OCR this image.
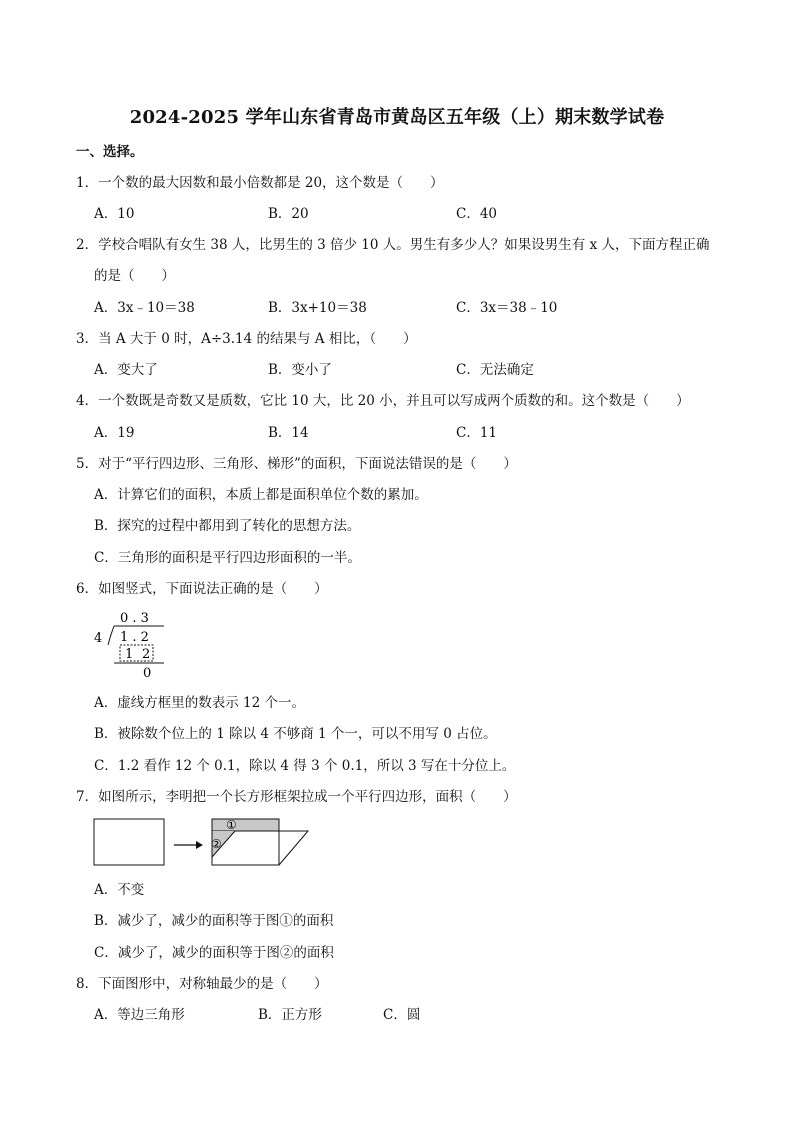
2024-2025 学年山东省青岛市黄岛区五年级（上）期末数学试卷
一、选择。
1．一个数的最大因数和最小倍数都是 20，这个数是（　　）
A．10	B．20	C．40
2．学校合唱队有女生 38 人，比男生的 3 倍少 10 人。男生有多少人？如果设男生有 x 人，下面方程正确
的是（　　）
A．3x﹣10＝38	B．3x+10＝38	C．3x＝38﹣10
3．当 A 大于 0 时，A÷3.14 的结果与 A 相比，（　　）
A．变大了	B．变小了	C．无法确定
4．一个数既是奇数又是质数，它比 10 大，比 20 小，并且可以写成两个质数的和。这个数是（　　）
A．19	B．14	C．11
5．对于“平行四边形、三角形、梯形”的面积，下面说法错误的是（　　）
A．计算它们的面积，本质上都是面积单位个数的累加。
B．探究的过程中都用到了转化的思想方法。
C．三角形的面积是平行四边形面积的一半。
6．如图竖式，下面说法正确的是（　　）
0 . 3
4 1 . 2
1 2
0
A．虚线方框里的数表示 12 个一。
B．被除数个位上的 1 除以 4 不够商 1 个一，可以不用写 0 占位。
C．1.2 看作 12 个 0.1，除以 4 得 3 个 0.1，所以 3 写在十分位上。
7．如图所示，李明把一个长方形框架拉成一个平行四边形，面积（　　）
①
②
A．不变
B．减少了，减少的面积等于图①的面积
C．减少了，减少的面积等于图②的面积
8．下面图形中，对称轴最少的是（　　）
A．等边三角形	B．正方形	C．圆
